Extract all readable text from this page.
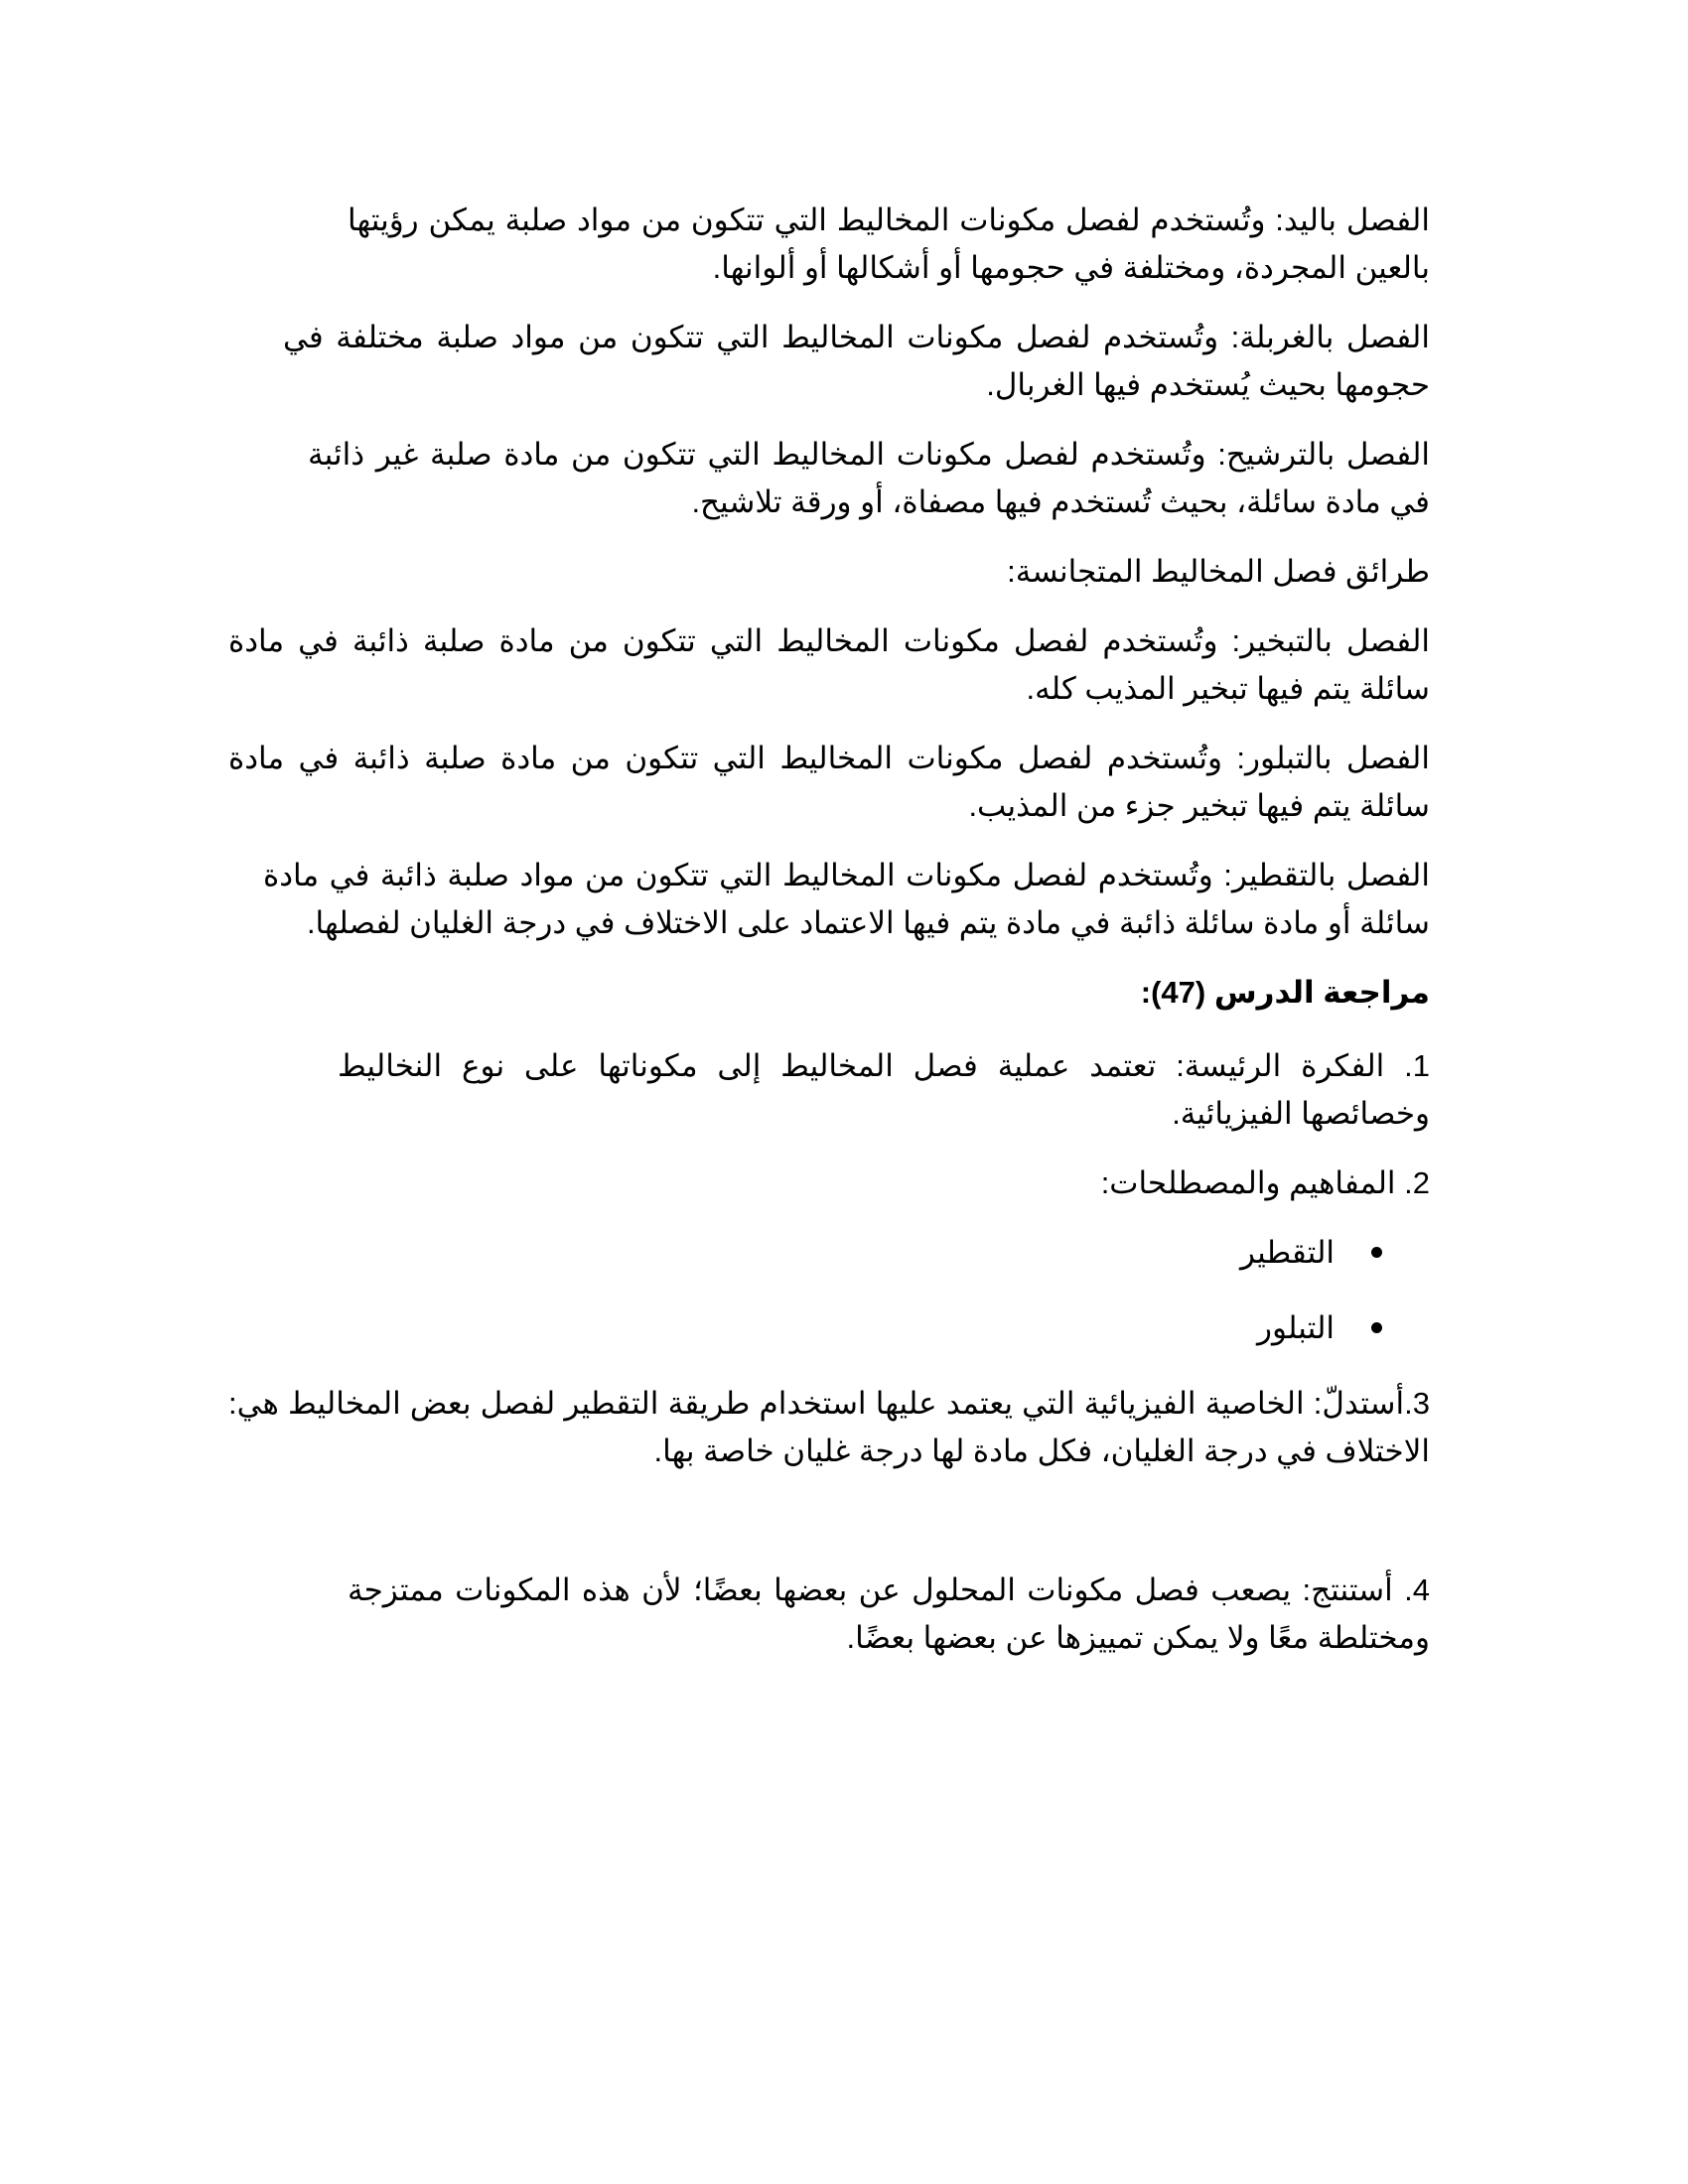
الفصل باليد: وتُستخدم لفصل مكونات المخاليط التي تتكون من مواد صلبة يمكن رؤيتها بالعين المجردة، ومختلفة في حجومها أو أشكالها أو ألوانها.

الفصل بالغربلة: وتُستخدم لفصل مكونات المخاليط التي تتكون من مواد صلبة مختلفة في حجومها بحيث يُستخدم فيها الغربال.

الفصل بالترشيح: وتُستخدم لفصل مكونات المخاليط التي تتكون من مادة صلبة غير ذائبة في مادة سائلة، بحيث تُستخدم فيها مصفاة، أو ورقة تلاشيح.

طرائق فصل المخاليط المتجانسة:

الفصل بالتبخير: وتُستخدم لفصل مكونات المخاليط التي تتكون من مادة صلبة ذائبة في مادة سائلة يتم فيها تبخير المذيب كله.

الفصل بالتبلور: وتُستخدم لفصل مكونات المخاليط التي تتكون من مادة صلبة ذائبة في مادة سائلة يتم فيها تبخير جزء من المذيب.

الفصل بالتقطير: وتُستخدم لفصل مكونات المخاليط التي تتكون من مواد صلبة ذائبة في مادة سائلة أو مادة سائلة ذائبة في مادة يتم فيها الاعتماد على الاختلاف في درجة الغليان لفصلها.

مراجعة الدرس (47):

1. الفكرة الرئيسة: تعتمد عملية فصل المخاليط إلى مكوناتها على نوع النخاليط وخصائصها الفيزيائية.

2. المفاهيم والمصطلحات:

التقطير
التبلور

3.أستدلّ: الخاصية الفيزيائية التي يعتمد عليها استخدام طريقة التقطير لفصل بعض المخاليط هي: الاختلاف في درجة الغليان، فكل مادة لها درجة غليان خاصة بها.

4. أستنتج: يصعب فصل مكونات المحلول عن بعضها بعضًا؛ لأن هذه المكونات ممتزجة ومختلطة معًا ولا يمكن تمييزها عن بعضها بعضًا.
